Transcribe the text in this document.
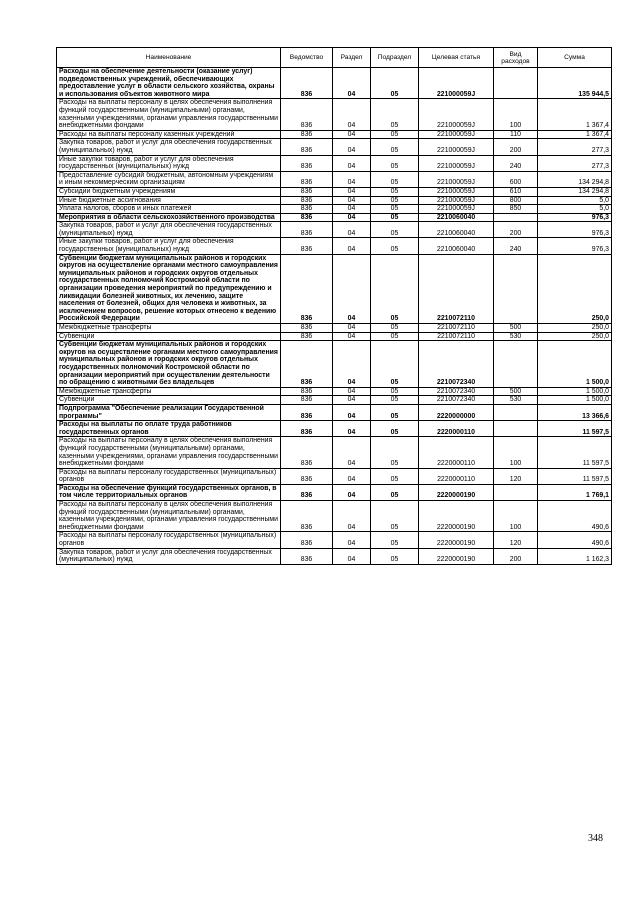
Наименование	Ведомство	Раздел	Подраздел	Целевая статья	Вид расходов	Сумма
Расходы на обеспечение деятельности (оказание услуг) подведомственных учреждений, обеспечивающих предоставление услуг в области сельского хозяйства, охраны и использования объектов животного мира	836	04	05	221000059J		135 944,5
Расходы на выплаты персоналу в целях обеспечения выполнения функций государственными (муниципальными) органами, казенными учреждениями, органами управления государственными внебюджетными фондами	836	04	05	221000059J	100	1 367,4
Расходы на выплаты персоналу казенных учреждений	836	04	05	221000059J	110	1 367,4
Закупка товаров, работ и услуг для обеспечения государственных (муниципальных) нужд	836	04	05	221000059J	200	277,3
Иные закупки товаров, работ и услуг для обеспечения государственных (муниципальных) нужд	836	04	05	221000059J	240	277,3
Предоставление субсидий бюджетным, автономным учреждениям и иным некоммерческим организациям	836	04	05	221000059J	600	134 294,8
Субсидии бюджетным учреждениям	836	04	05	221000059J	610	134 294,8
Иные бюджетные ассигнования	836	04	05	221000059J	800	5,0
Уплата налогов, сборов и иных платежей	836	04	05	221000059J	850	5,0
Мероприятия в области сельскохозяйственного производства	836	04	05	2210060040		976,3
Закупка товаров, работ и услуг для обеспечения государственных (муниципальных) нужд	836	04	05	2210060040	200	976,3
Иные закупки товаров, работ и услуг для обеспечения государственных (муниципальных) нужд	836	04	05	2210060040	240	976,3
Субвенции бюджетам муниципальных районов и городских округов на осуществление органами местного самоуправления муниципальных районов и городских округов отдельных государственных полномочий Костромской области по организации проведения мероприятий по предупреждению и ликвидации болезней животных, их лечению, защите населения от болезней, общих для человека и животных, за исключением вопросов, решение которых отнесено к ведению Российской Федерации	836	04	05	2210072110		250,0
Межбюджетные трансферты	836	04	05	2210072110	500	250,0
Субвенции	836	04	05	2210072110	530	250,0
Субвенции бюджетам муниципальных районов и городских округов на осуществление органами местного самоуправления муниципальных районов и городских округов отдельных государственных полномочий Костромской области по организации мероприятий при осуществлении деятельности по обращению с животными без владельцев	836	04	05	2210072340		1 500,0
Межбюджетные трансферты	836	04	05	2210072340	500	1 500,0
Субвенции	836	04	05	2210072340	530	1 500,0
Подпрограмма "Обеспечение реализации Государственной программы"	836	04	05	2220000000		13 366,6
Расходы на выплаты по оплате труда работников государственных органов	836	04	05	2220000110		11 597,5
Расходы на выплаты персоналу в целях обеспечения выполнения функций государственными (муниципальными) органами, казенными учреждениями, органами управления государственными внебюджетными фондами	836	04	05	2220000110	100	11 597,5
Расходы на выплаты персоналу государственных (муниципальных) органов	836	04	05	2220000110	120	11 597,5
Расходы на обеспечение функций государственных органов, в том числе территориальных органов	836	04	05	2220000190		1 769,1
Расходы на выплаты персоналу в целях обеспечения выполнения функций государственными (муниципальными) органами, казенными учреждениями, органами управления государственными внебюджетными фондами	836	04	05	2220000190	100	490,6
Расходы на выплаты персоналу государственных (муниципальных) органов	836	04	05	2220000190	120	490,6
Закупка товаров, работ и услуг для обеспечения государственных (муниципальных) нужд	836	04	05	2220000190	200	1 162,3
348
